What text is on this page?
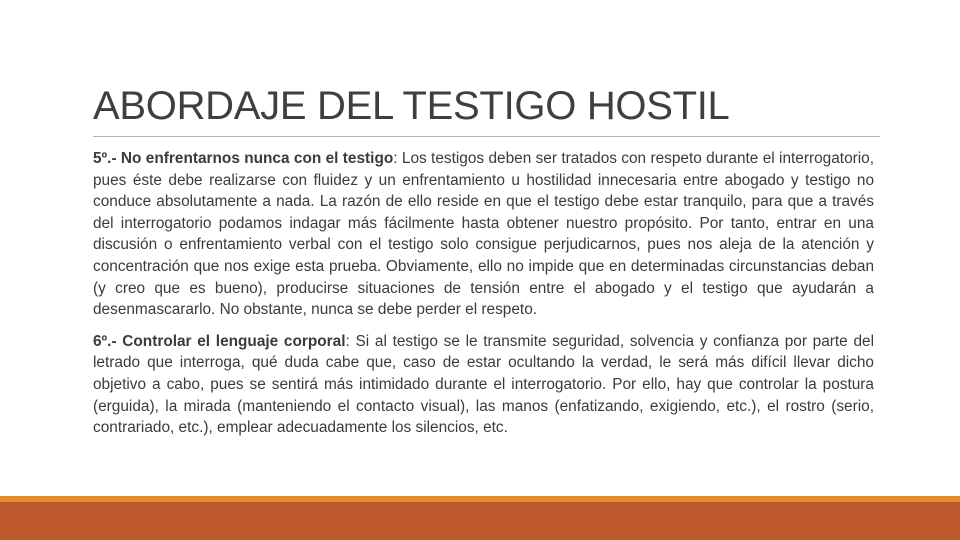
ABORDAJE DEL TESTIGO HOSTIL

5º.- No enfrentarnos nunca con el testigo: Los testigos deben ser tratados con respeto durante el interrogatorio, pues éste debe realizarse con fluidez y un enfrentamiento u hostilidad innecesaria entre abogado y testigo no conduce absolutamente a nada. La razón de ello reside en que el testigo debe estar tranquilo, para que a través del interrogatorio podamos indagar más fácilmente hasta obtener nuestro propósito. Por tanto, entrar en una discusión o enfrentamiento verbal con el testigo solo consigue perjudicarnos, pues nos aleja de la atención y concentración que nos exige esta prueba. Obviamente, ello no impide que en determinadas circunstancias deban (y creo que es bueno), producirse situaciones de tensión entre el abogado y el testigo que ayudarán a desenmascararlo. No obstante, nunca se debe perder el respeto.

6º.- Controlar el lenguaje corporal: Si al testigo se le transmite seguridad, solvencia y confianza por parte del letrado que interroga, qué duda cabe que, caso de estar ocultando la verdad, le será más difícil llevar dicho objetivo a cabo, pues se sentirá más intimidado durante el interrogatorio. Por ello, hay que controlar la postura (erguida), la mirada (manteniendo el contacto visual), las manos (enfatizando, exigiendo, etc.), el rostro (serio, contrariado, etc.), emplear adecuadamente los silencios, etc.
